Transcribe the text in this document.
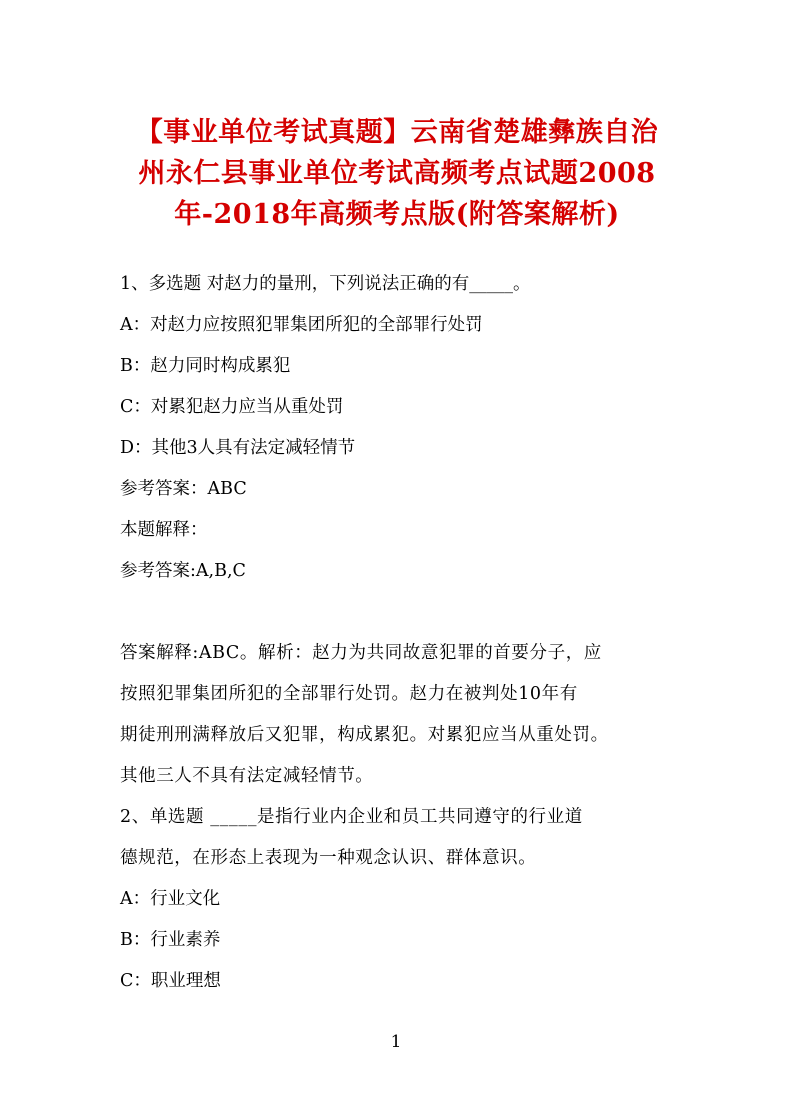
【事业单位考试真题】云南省楚雄彝族自治
州永仁县事业单位考试高频考点试题2008
年-2018年高频考点版(附答案解析)
1、多选题 对赵力的量刑，下列说法正确的有_____。
A：对赵力应按照犯罪集团所犯的全部罪行处罚
B：赵力同时构成累犯
C：对累犯赵力应当从重处罚
D：其他3人具有法定减轻情节
参考答案：ABC
本题解释：
参考答案:A,B,C
答案解释:ABC。解析：赵力为共同故意犯罪的首要分子，应
按照犯罪集团所犯的全部罪行处罚。赵力在被判处10年有
期徒刑刑满释放后又犯罪，构成累犯。对累犯应当从重处罚。
其他三人不具有法定减轻情节。
2、单选题 _____是指行业内企业和员工共同遵守的行业道
德规范，在形态上表现为一种观念认识、群体意识。
A：行业文化
B：行业素养
C：职业理想
1
